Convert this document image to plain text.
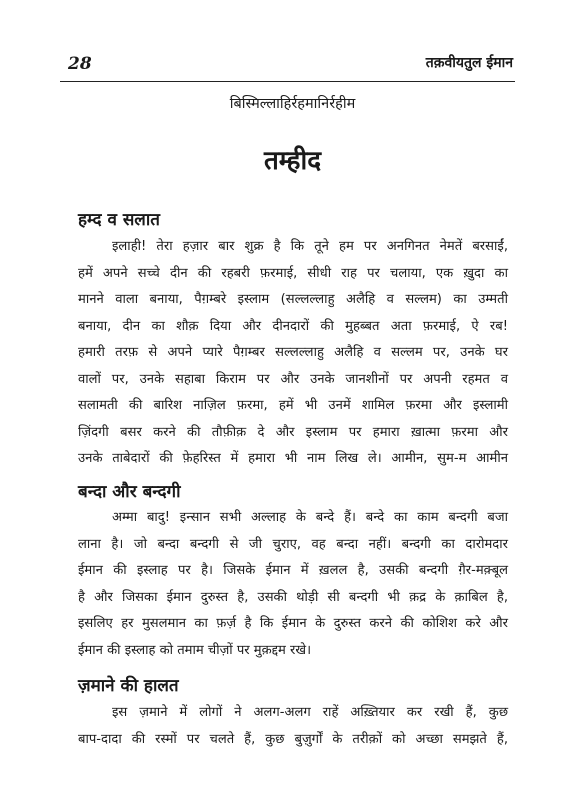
28	तक़वीयतुल ईमान
बिस्मिल्लाहिर्रहमानिर्रहीम
तम्हीद
हम्द व सलात
इलाही! तेरा हज़ार बार शुक्र है कि तूने हम पर अनगिनत नेमतें बरसाईं,
हमें अपने सच्चे दीन की रहबरी फ़रमाई, सीधी राह पर चलाया, एक ख़ुदा का
मानने वाला बनाया, पैग़म्बरे इस्लाम (सल्लल्लाहु अलैहि व सल्लम) का उम्मती
बनाया, दीन का शौक़ दिया और दीनदारों की मुहब्बत अता फ़रमाई, ऐ रब!
हमारी तरफ़ से अपने प्यारे पैग़म्बर सल्लल्लाहु अलैहि व सल्लम पर, उनके घर
वालों पर, उनके सहाबा किराम पर और उनके जानशीनों पर अपनी रहमत व
सलामती की बारिश नाज़िल फ़रमा, हमें भी उनमें शामिल फ़रमा और इस्लामी
ज़िंदगी बसर करने की तौफ़ीक़ दे और इस्लाम पर हमारा ख़ात्मा फ़रमा और
उनके ताबेदारों की फ़ेहरिस्त में हमारा भी नाम लिख ले। आमीन, सुम-म आमीन
बन्दा और बन्दगी
अम्मा बादु! इन्सान सभी अल्लाह के बन्दे हैं। बन्दे का काम बन्दगी बजा
लाना है। जो बन्दा बन्दगी से जी चुराए, वह बन्दा नहीं। बन्दगी का दारोमदार
ईमान की इस्लाह पर है। जिसके ईमान में ख़लल है, उसकी बन्दगी ग़ैर-मक़्बूल
है और जिसका ईमान दुरुस्त है, उसकी थोड़ी सी बन्दगी भी क़द्र के क़ाबिल है,
इसलिए हर मुसलमान का फ़र्ज़ है कि ईमान के दुरुस्त करने की कोशिश करे और
ईमान की इस्लाह को तमाम चीज़ों पर मुक़द्दम रखे।
ज़माने की हालत
इस ज़माने में लोगों ने अलग-अलग राहें अख़्तियार कर रखी हैं, कुछ
बाप-दादा की रस्मों पर चलते हैं, कुछ बुज़ुर्गों के तरीक़ों को अच्छा समझते हैं,
